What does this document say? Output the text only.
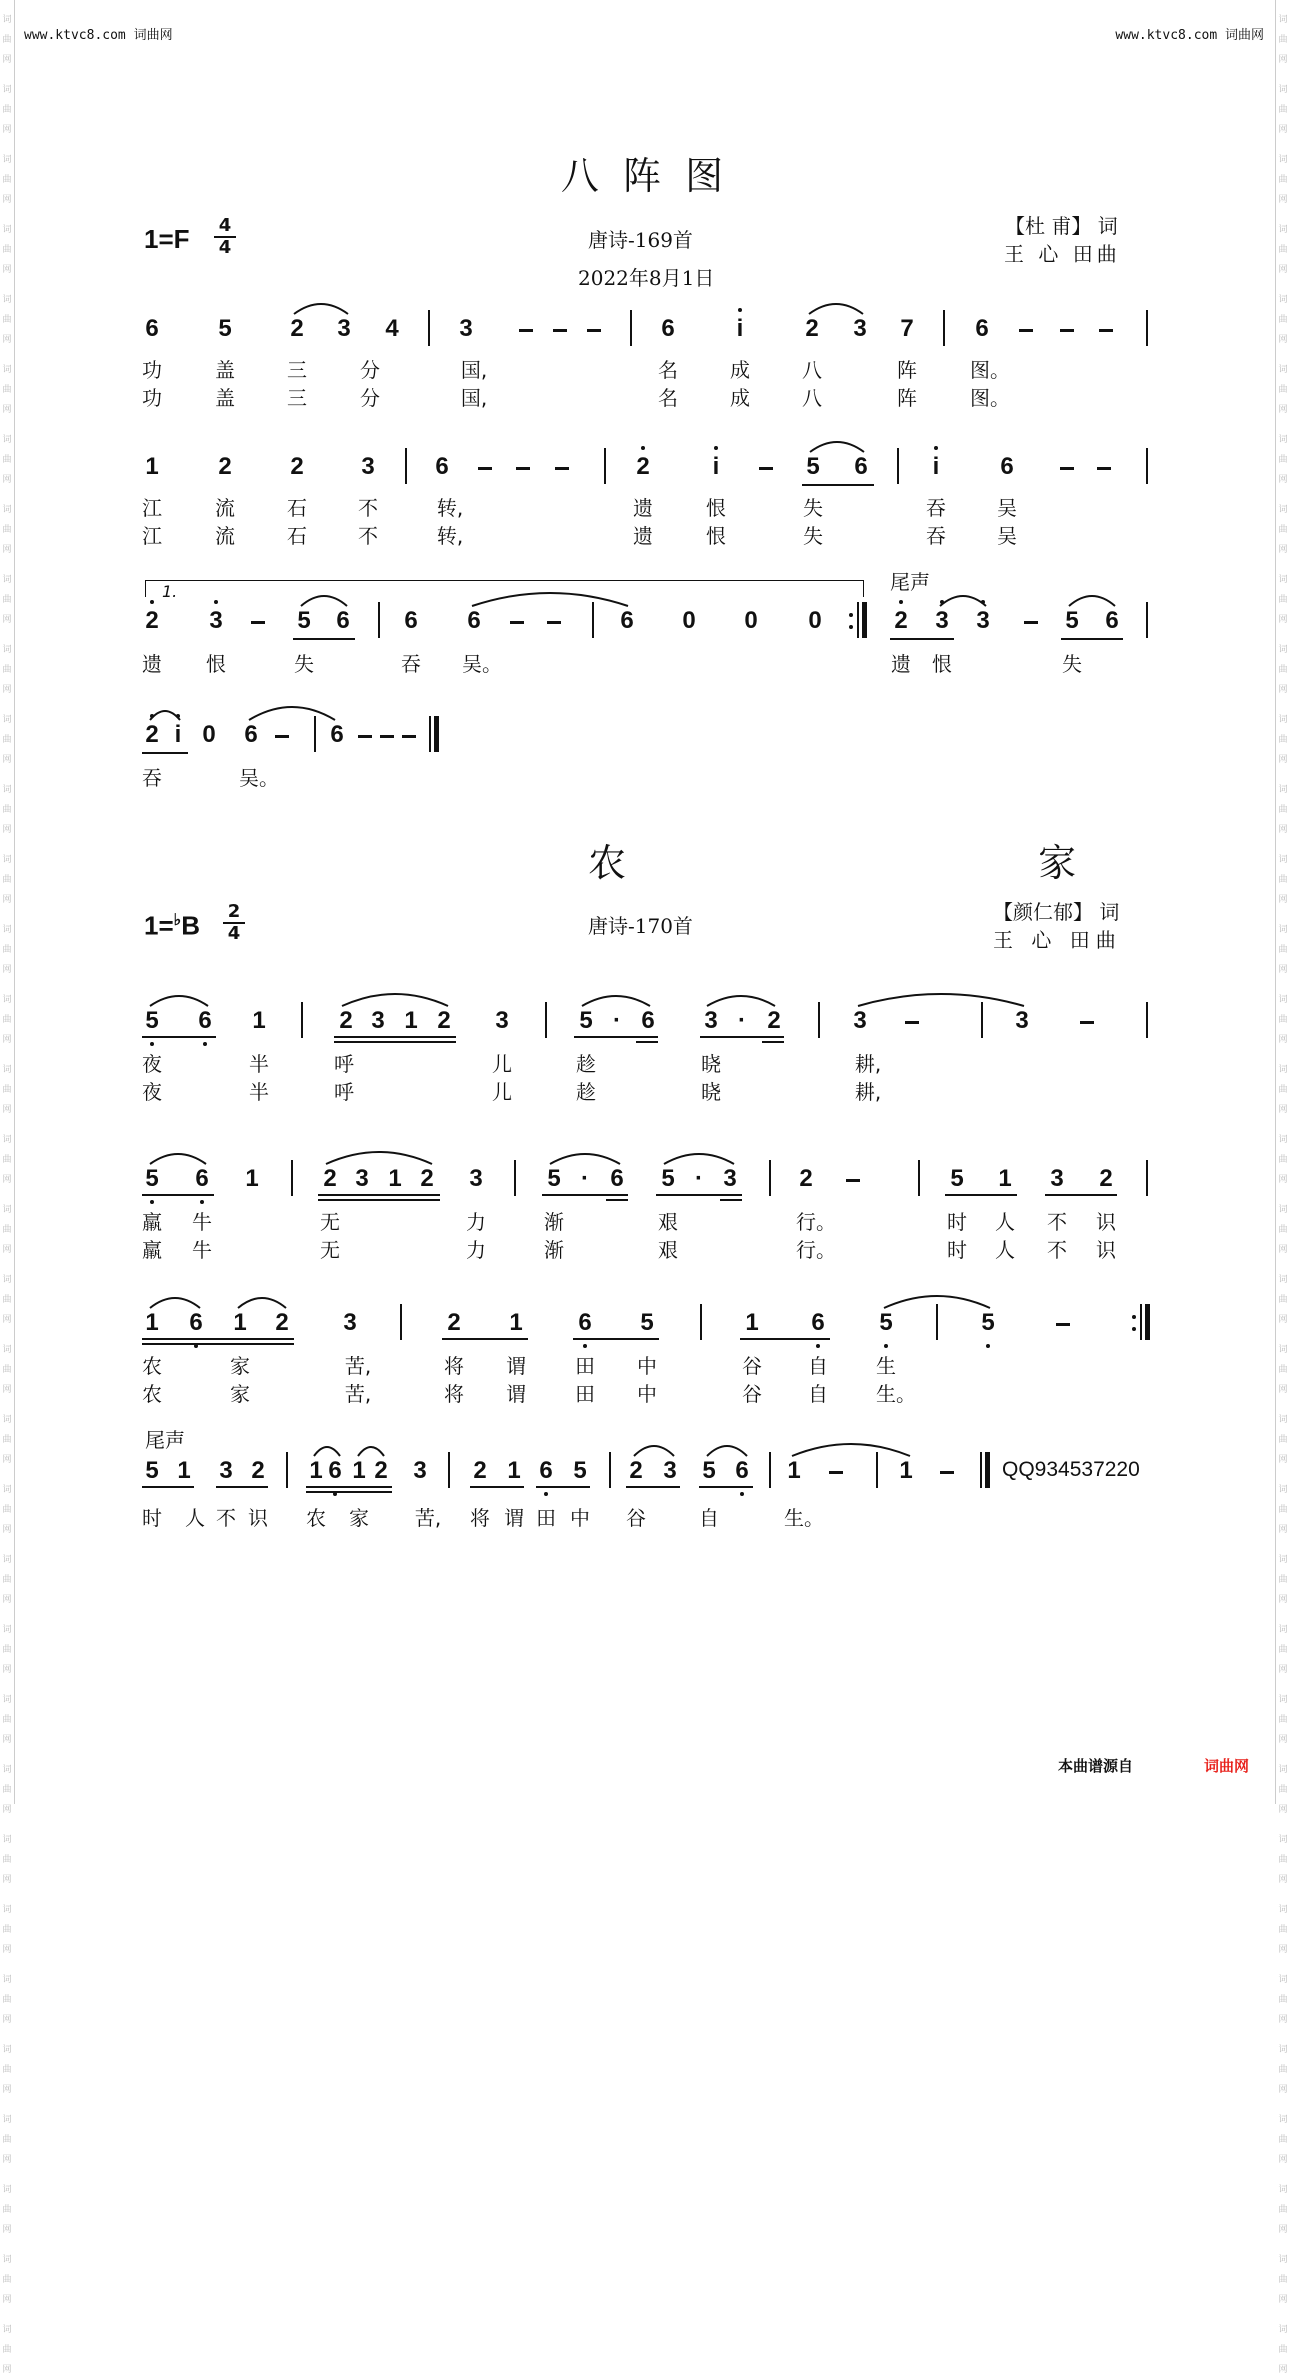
词
曲
网
词
曲
网
词
曲
网
词
曲
网
词
曲
网
词
曲
网
词
曲
网
词
曲
网
词
曲
网
词
曲
网
词
曲
网
词
曲
网
词
曲
网
词
曲
网
词
曲
网
词
曲
网
词
曲
网
词
曲
网
词
曲
网
词
曲
网
词
曲
网
词
曲
网
词
曲
网
词
曲
网
词
曲
网
词
曲
网
词
曲
网
词
曲
网
词
曲
网
词
曲
网
词
曲
网
词
曲
网
词
曲
网
词
曲
网
词
曲
网
词
曲
网
词
曲
网
词
曲
网
词
曲
网
词
曲
网
词
曲
网
词
曲
网
词
曲
网
词
曲
网
词
曲
网
词
曲
网
词
曲
网
词
曲
网
词
曲
网
词
曲
网
词
曲
网
词
曲
网
词
曲
网
词
曲
网
词
曲
网
词
曲
网
词
曲
网
词
曲
网
词
曲
网
词
曲
网
词
曲
网
词
曲
网
词
曲
网
词
曲
网
词
曲
网
词
曲
网
词
曲
网
词
曲
网
www.ktvc8.com 词曲网	www.ktvc8.com 词曲网
八 阵 图
1=F 4
4	唐诗-169首
2022年8月1日
【杜 甫】 词
王 心 田曲
6 5 2 3 4	3	6	i	2 3 7	6
功	盖	三	分	国,	名	成	八	阵	图。
功	盖	三	分	国,	名	成	八	阵	图。
1 2 2 3	6	2	i	5 6	i	6
江	流	石	不	转,	遗	恨	失	吞	吴
江	流	石	不	转,	遗	恨	失	吞	吴
1.	尾声
2 3	5 6 6 6	6 0 0 0	2 3 3	5 6
遗 恨	失	吞 吴。	遗 恨	失
2 i 0 6	6
吞	吴。
农 家
1=♭B 2
4	唐诗-170首
【颜仁郁】 词
王 心 田曲
5 6 1	2 3 1 2 3	5 · 6 3 · 2	3	3
夜	半	呼	儿	趁	晓	耕,
夜	半	呼	儿	趁	晓	耕,
5 6 1	2 3 1 2 3	5 · 6 5 · 3	2	5 1 3 2
羸 牛	无	力	渐	艰	行。	时 人 不 识
羸 牛	无	力	渐	艰	行。	时 人 不 识
1 6 1 2 3	2 1 6 5	1 6 5	5
农	家	苦,	将 谓 田 中	谷 自 生
农	家	苦,	将 谓 田 中	谷 自 生。
尾声
5 1 3 2 1 6 1 2 3 2 1 6 5 2 3 5 6 1	1	QQ934537220
时 人 不 识 农 家 苦, 将 谓 田 中 谷	自	生。
本曲谱源自	词曲网
